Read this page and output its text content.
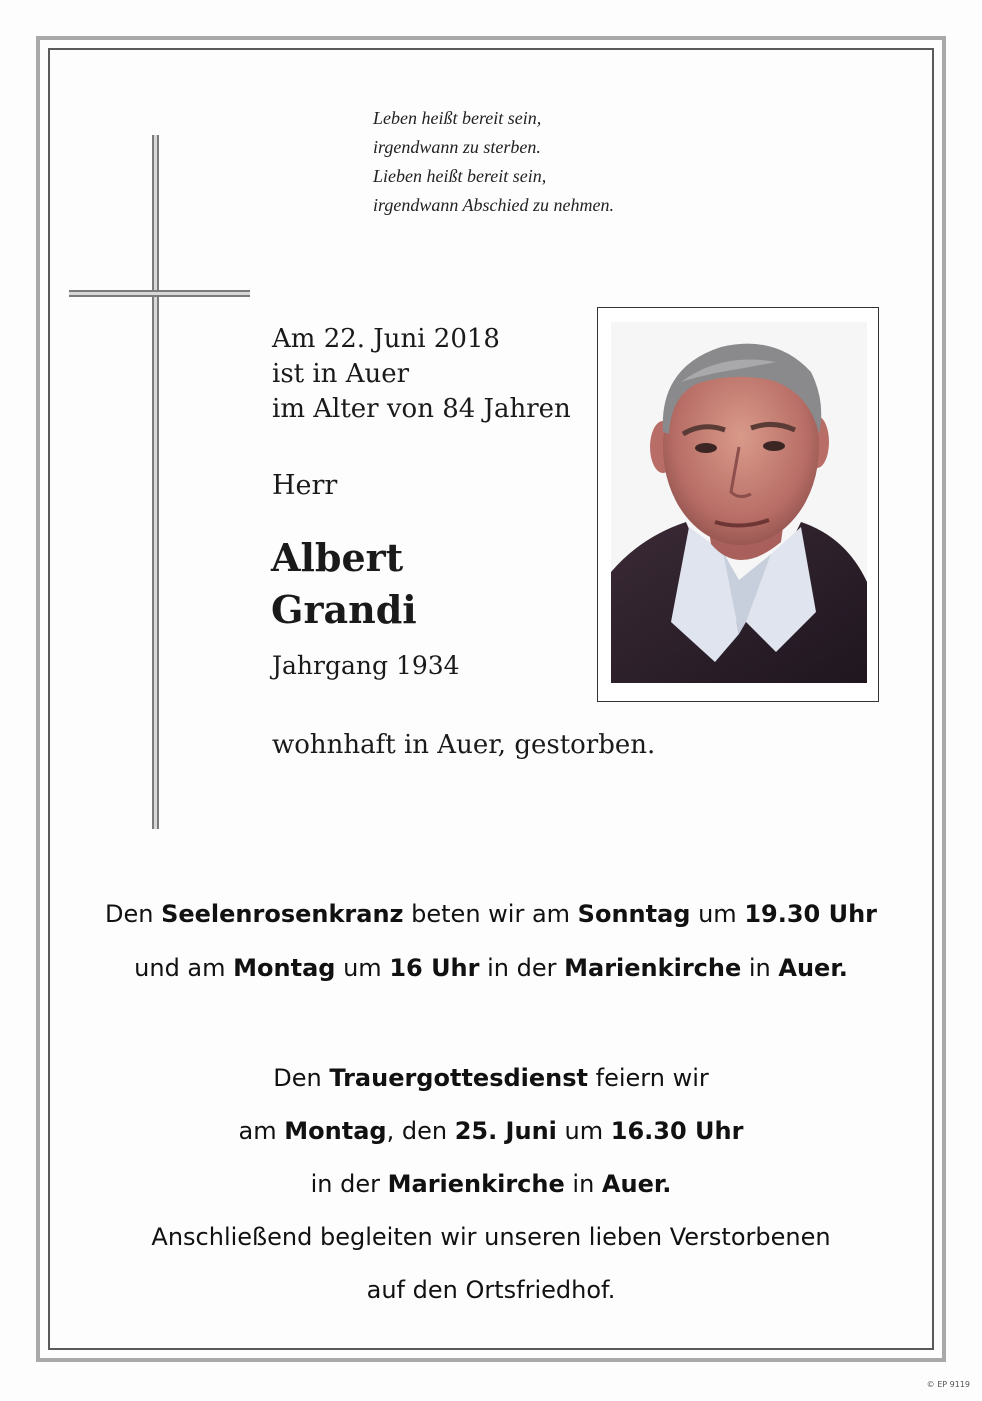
Leben heißt bereit sein,
irgendwann zu sterben.
Lieben heißt bereit sein,
irgendwann Abschied zu nehmen.
Am 22. Juni 2018
ist in Auer
im Alter von 84 Jahren
Herr
Albert
Grandi
Jahrgang 1934
wohnhaft in Auer, gestorben.
Den Seelenrosenkranz beten wir am Sonntag um 19.30 Uhr
und am Montag um 16 Uhr in der Marienkirche in Auer.
Den Trauergottesdienst feiern wir
am Montag, den 25. Juni um 16.30 Uhr
in der Marienkirche in Auer.
Anschließend begleiten wir unseren lieben Verstorbenen
auf den Ortsfriedhof.
© EP 9119
